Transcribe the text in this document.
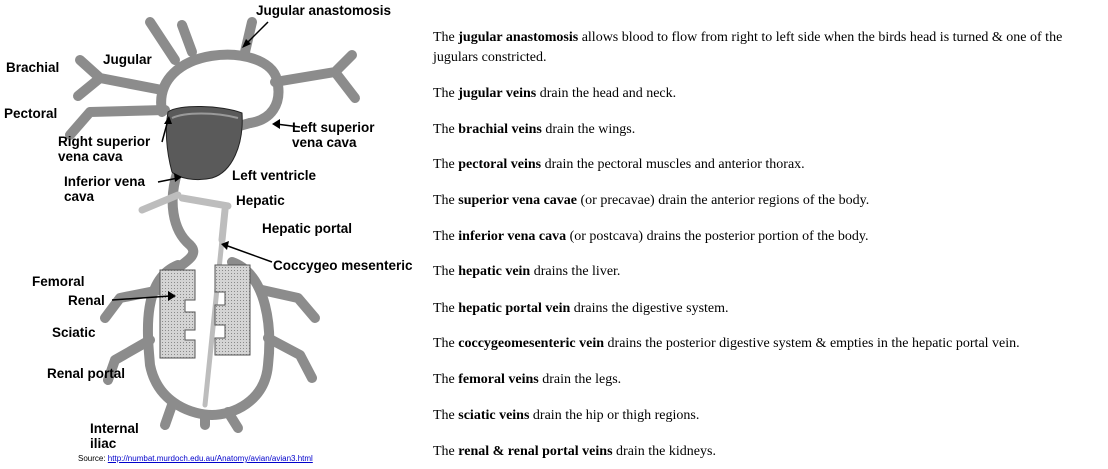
Jugular anastomosis
Brachial
Jugular
Pectoral
Right superior
vena cava
Left superior
vena cava
Inferior vena
cava
Left ventricle
Hepatic
Hepatic portal
Coccygeo mesenteric
Femoral
Renal
Sciatic
Renal portal
Internal
iliac
Source: http://numbat.murdoch.edu.au/Anatomy/avian/avian3.html

The jugular anastomosis allows blood to flow from right to left side when the birds head is turned & one of the jugulars constricted.

The jugular veins drain the head and neck.

The brachial veins drain the wings.

The pectoral veins drain the pectoral muscles and anterior thorax.

The superior vena cavae (or precavae) drain the anterior regions of the body.

The inferior vena cava (or postcava) drains the posterior portion of the body.

The hepatic vein drains the liver.

The hepatic portal vein drains the digestive system.

The coccygeomesenteric vein drains the posterior digestive system & empties in the hepatic portal vein.

The femoral veins drain the legs.

The sciatic veins drain the hip or thigh regions.

The renal & renal portal veins drain the kidneys.
